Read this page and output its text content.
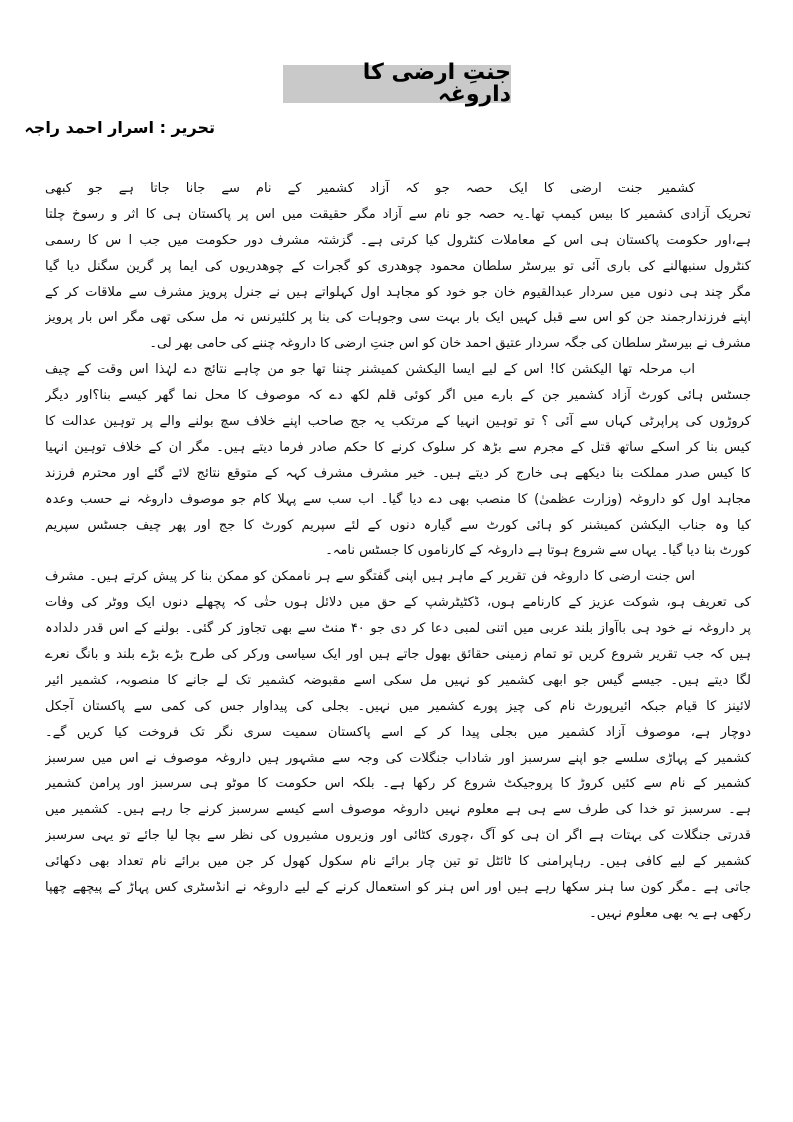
جنتِ ارضی کا داروغہ
تحریر : اسرار احمد راجہ
کشمیر جنت ارضی کا ایک حصہ جو کہ آزاد کشمیر کے نام سے جانا جاتا ہے جو کبھی
تحریک آزادی کشمیر کا بیس کیمپ تھا۔یہ حصہ جو نام سے آزاد مگر حقیقت میں اس پر پاکستان ہی کا اثر و رسوخ چلتا
ہے،اور حکومت پاکستان ہی اس کے معاملات کنٹرول کیا کرتی ہے۔ گزشتہ مشرف دور حکومت میں جب ا س کا رسمی
کنٹرول سنبھالنے کی باری آئی تو بیرسٹر سلطان محمود چوھدری کو گجرات کے چوھدریوں کی ایما پر گرین سگنل دیا گیا
مگر چند ہی دنوں میں سردار عبدالقیوم خان جو خود کو مجاہد اول کہلواتے ہیں نے جنرل پرویز مشرف سے ملاقات کر کے
اپنے فرزندارجمند جن کو اس سے قبل کہیں ایک بار بہت سی وجوہات کی بنا پر کلئیرنس نہ مل سکی تھی مگر اس بار پرویز
مشرف نے بیرسٹر سلطان کی جگہ سردار عتیق احمد خان کو اس جنتِ ارضی کا داروغہ چننے کی حامی بھر لی۔
اب مرحلہ تھا الیکشن کا! اس کے لیے ایسا الیکشن کمیشنر چننا تھا جو من چاہے نتائج دے لہٰذا اس وقت کے چیف
جسٹس ہائی کورٹ آزاد کشمیر جن کے بارے میں اگر کوئی قلم لکھ دے کہ موصوف کا محل نما گھر کیسے بنا؟اور دیگر
کروڑوں کی پراپرٹی کہاں سے آئی ؟ تو توہین انہیا کے مرتکب یہ جج صاحب اپنے خلاف سچ بولنے والے پر توہین عدالت کا
کیس بنا کر اسکے ساتھ قتل کے مجرم سے بڑھ کر سلوک کرنے کا حکم صادر فرما دیتے ہیں۔ مگر ان کے خلاف توہین انہیا
کا کیس صدر مملکت بنا دیکھے ہی خارج کر دیتے ہیں۔ خیر مشرف مشرف کہہ کے متوقع نتائج لائے گئے اور محترم فرزند
مجاہد اول کو داروغہ (وزارت عظمیٰ) کا منصب بھی دے دیا گیا۔ اب سب سے پہلا کام جو موصوف داروغہ نے حسب وعدہ
کیا وہ جناب الیکشن کمیشنر کو ہائی کورٹ سے گیارہ دنوں کے لئے سپریم کورٹ کا جج اور پھر چیف جسٹس سپریم
کورٹ بنا دیا گیا۔ یہاں سے شروع ہوتا ہے داروغہ کے کارناموں کا جسٹس نامہ۔
اس جنت ارضی کا داروغہ فن تقریر کے ماہر ہیں اپنی گفتگو سے ہر ناممکن کو ممکن بنا کر پیش کرتے ہیں۔ مشرف
کی تعریف ہو، شوکت عزیز کے کارنامے ہوں، ڈکٹیٹرشپ کے حق میں دلائل ہوں حتٰی کہ پچھلے دنوں ایک ووٹر کی وفات
پر داروغہ نے خود ہی باآواز بلند عربی میں اتنی لمبی دعا کر دی جو ۴۰ منٹ سے بھی تجاوز کر گئی۔ بولنے کے اس قدر دلدادہ
ہیں کہ جب تقریر شروع کریں تو تمام زمینی حقائق بھول جاتے ہیں اور ایک سیاسی ورکر کی طرح بڑے بڑے بلند و بانگ نعرے
لگا دیتے ہیں۔ جیسے گیس جو ابھی کشمیر کو نہیں مل سکی اسے مقبوضہ کشمیر تک لے جانے کا منصوبہ، کشمیر ائیر
لائینز کا قیام جبکہ ائیرپورٹ نام کی چیز پورے کشمیر میں نہیں۔ بجلی کی پیداوار جس کی کمی سے پاکستان آجکل
دوچار ہے، موصوف آزاد کشمیر میں بجلی پیدا کر کے اسے پاکستان سمیت سری نگر تک فروخت کیا کریں گے۔
کشمیر کے پہاڑی سلسے جو اپنے سرسبز اور شاداب جنگلات کی وجہ سے مشہور ہیں داروغہ موصوف نے اس میں سرسبز
کشمیر کے نام سے کئیں کروڑ کا پروجیکٹ شروع کر رکھا ہے۔ بلکہ اس حکومت کا موٹو ہی سرسبز اور پرامن کشمیر
ہے۔ سرسبز تو خدا کی طرف سے ہی ہے معلوم نہیں داروغہ موصوف اسے کیسے سرسبز کرنے جا رہے ہیں۔ کشمیر میں
قدرتی جنگلات کی بہتات ہے اگر ان ہی کو آگ ،چوری کٹائی اور وزیروں مشیروں کی نظر سے بچا لیا جائے تو یہی سرسبز
کشمیر کے لیے کافی ہیں۔ رہاپرامنی کا ٹائٹل تو تین چار برائے نام سکول کھول کر جن میں برائے نام تعداد بھی دکھائی
جاتی ہے ۔مگر کون سا ہنر سکھا رہے ہیں اور اس ہنر کو استعمال کرنے کے لیے داروغہ نے انڈسٹری کس پہاڑ کے پیچھے چھپا
رکھی ہے یہ بھی معلوم نہیں۔
